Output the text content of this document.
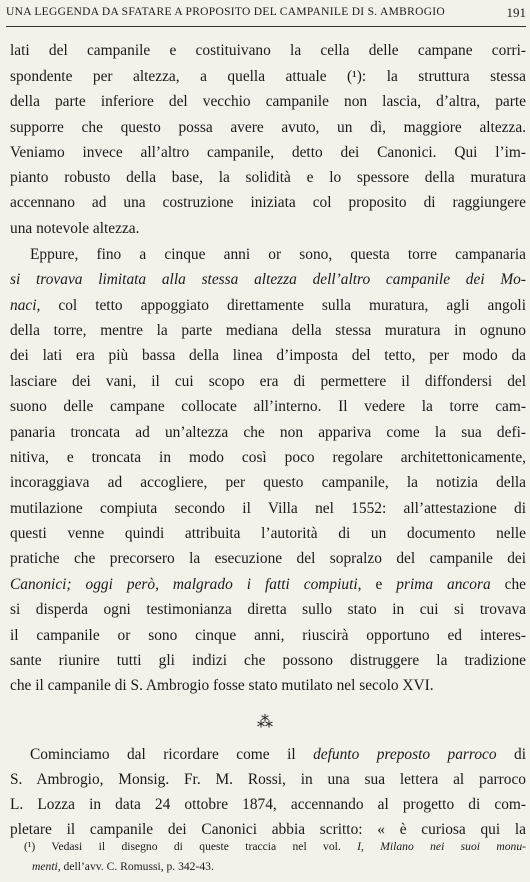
UNA LEGGENDA DA SFATARE A PROPOSITO DEL CAMPANILE DI S. AMBROGIO	191
lati del campanile e costituivano la cella delle campane corri-
spondente per altezza, a quella attuale (¹): la struttura stessa
della parte inferiore del vecchio campanile non lascia, d’altra, parte
supporre che questo possa avere avuto, un dì, maggiore altezza.
Veniamo invece all’altro campanile, detto dei Canonici. Qui l’im-
pianto robusto della base, la solidità e lo spessore della muratura
accennano ad una costruzione iniziata col proposito di raggiungere
una notevole altezza.
Eppure, fino a cinque anni or sono, questa torre campanaria
si trovava limitata alla stessa altezza dell’altro campanile dei Mo-
naci, col tetto appoggiato direttamente sulla muratura, agli angoli
della torre, mentre la parte mediana della stessa muratura in ognuno
dei lati era più bassa della linea d’imposta del tetto, per modo da
lasciare dei vani, il cui scopo era di permettere il diffondersi del
suono delle campane collocate all’interno. Il vedere la torre cam-
panaria troncata ad un’altezza che non appariva come la sua defi-
nitiva, e troncata in modo così poco regolare architettonicamente,
incoraggiava ad accogliere, per questo campanile, la notizia della
mutilazione compiuta secondo il Villa nel 1552: all’attestazione di
questi venne quindi attribuita l’autorità di un documento nelle
pratiche che precorsero la esecuzione del sopralzo del campanile dei
Canonici; oggi però, malgrado i fatti compiuti, e prima ancora che
si disperda ogni testimonianza diretta sullo stato in cui si trovava
il campanile or sono cinque anni, riuscirà opportuno ed interes-
sante riunire tutti gli indizi che possono distruggere la tradizione
che il campanile di S. Ambrogio fosse stato mutilato nel secolo XVI.
⁂
Cominciamo dal ricordare come il defunto preposto parroco di
S. Ambrogio, Monsig. Fr. M. Rossi, in una sua lettera al parroco
L. Lozza in data 24 ottobre 1874, accennando al progetto di com-
pletare il campanile dei Canonici abbia scritto: « è curiosa qui la
(¹) Vedasi il disegno di queste traccia nel vol. I, Milano nei suoi monu-
menti, dell’avv. C. Romussi, p. 342-43.
